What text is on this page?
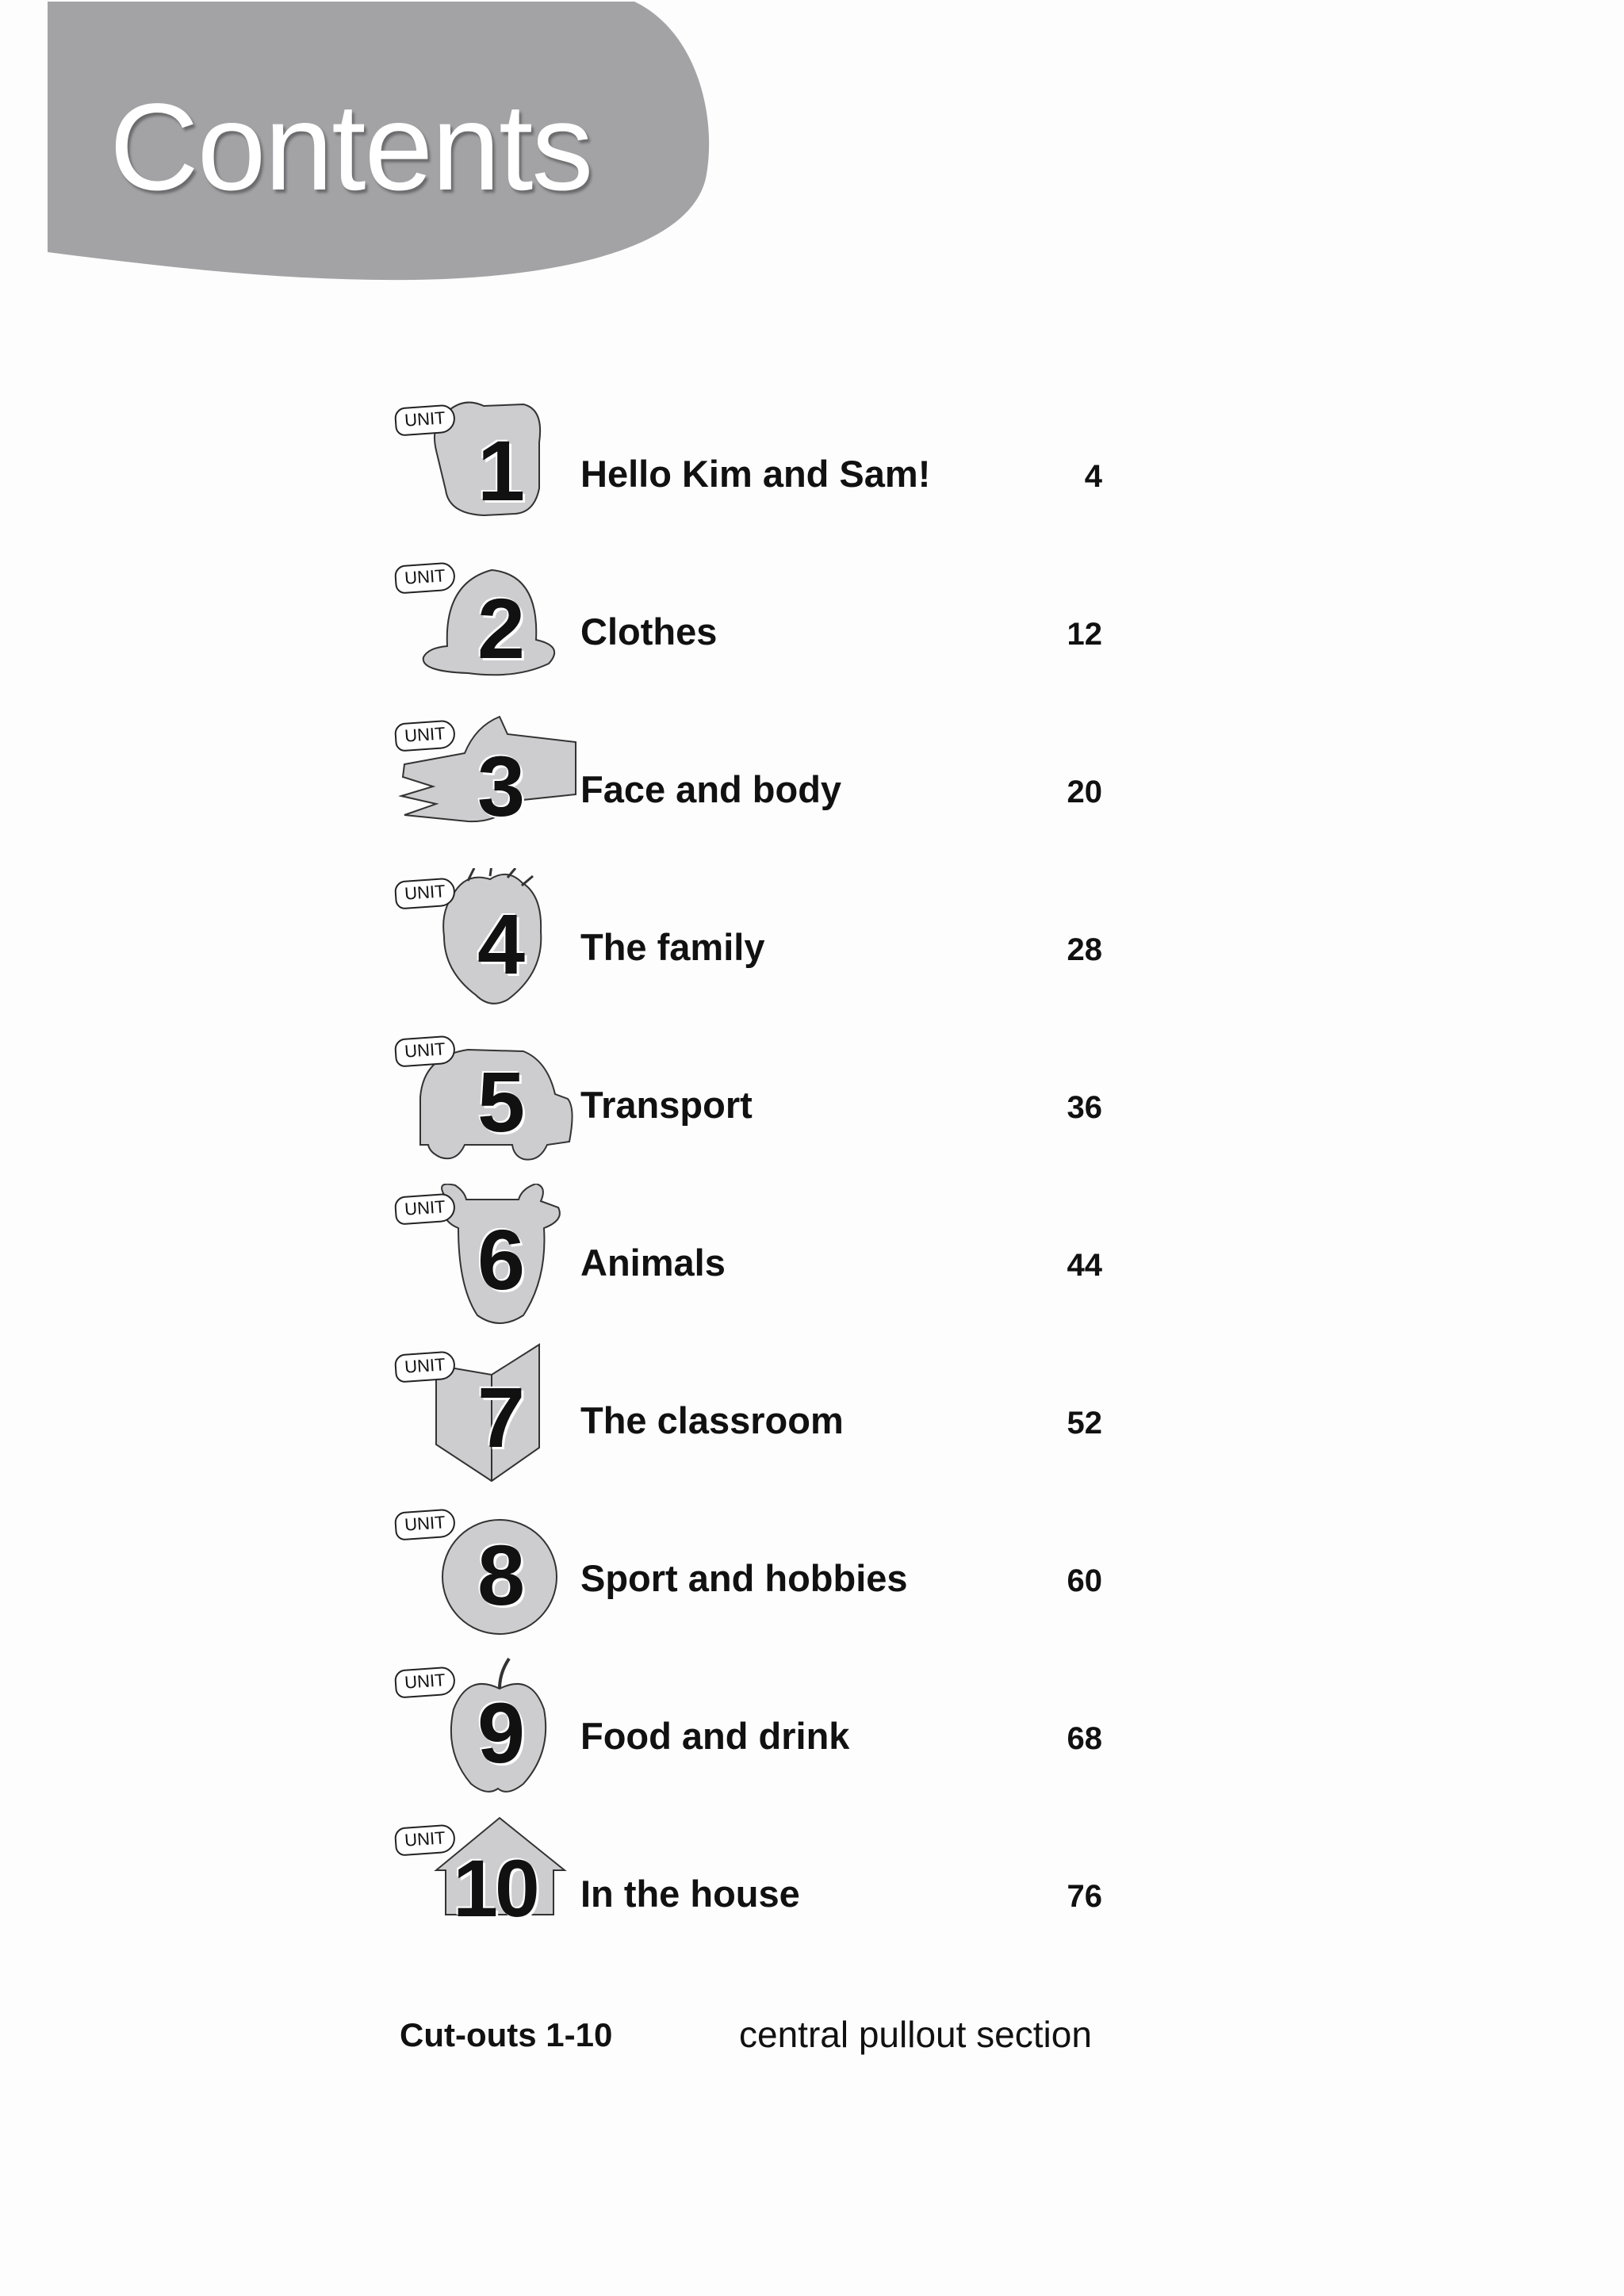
Contents
UNIT
1	Hello Kim and Sam!	4
UNIT
2	Clothes	12
UNIT
3	Face and body	20
UNIT
4	The family	28
UNIT
5	Transport	36
UNIT
6	Animals	44
UNIT
7	The classroom	52
UNIT
8	Sport and hobbies	60
UNIT
9	Food and drink	68
UNIT
10	In the house	76
Cut-outs 1-10	central pullout section
